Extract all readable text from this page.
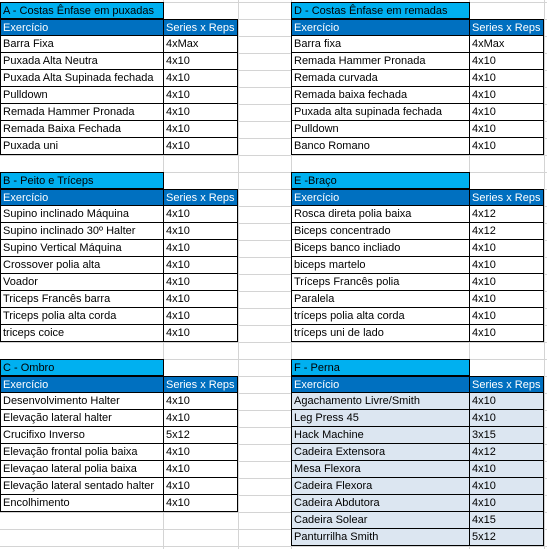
A - Costas Ênfase em puxadas
Exercício	Series x Reps
Barra Fixa	4xMax
Puxada Alta Neutra	4x10
Puxada Alta Supinada fechada	4x10
Pulldown	4x10
Remada Hammer Pronada	4x10
Remada Baixa Fechada	4x10
Puxada uni	4x10
D - Costas Ênfase em remadas
Exercício	Series x Reps
Barra fixa	4xMax
Remada Hammer Pronada	4x10
Remada curvada	4x10
Remada baixa fechada	4x10
Puxada alta supinada fechada	4x10
Pulldown	4x10
Banco Romano	4x10
B - Peito e Tríceps
Exercício	Series x Reps
Supino inclinado Máquina	4x10
Supino inclinado 30º Halter	4x10
Supino Vertical Máquina	4x10
Crossover polia alta	4x10
Voador	4x10
Triceps Francês barra	4x10
Triceps polia alta corda	4x10
triceps coice	4x10
E -Braço
Exercício	Series x Reps
Rosca direta polia baixa	4x12
Biceps concentrado	4x12
Biceps banco incliado	4x10
biceps martelo	4x10
Tríceps Francês polia	4x10
Paralela	4x10
tríceps polia alta corda	4x10
tríceps uni de lado	4x10
C - Ombro
Exercício	Series x Reps
Desenvolvimento Halter	4x10
Elevação lateral halter	4x10
Crucifixo Inverso	5x12
Elevação frontal polia baixa	4x10
Elevaçao lateral polia baixa	4x10
Elevação lateral sentado halter	4x10
Encolhimento	4x10
F - Perna
Exercício	Series x Reps
Agachamento Livre/Smith	4x10
Leg Press 45	4x10
Hack Machine	3x15
Cadeira Extensora	4x12
Mesa Flexora	4x10
Cadeira Flexora	4x10
Cadeira Abdutora	4x10
Cadeira Solear	4x15
Panturrilha Smith	5x12
